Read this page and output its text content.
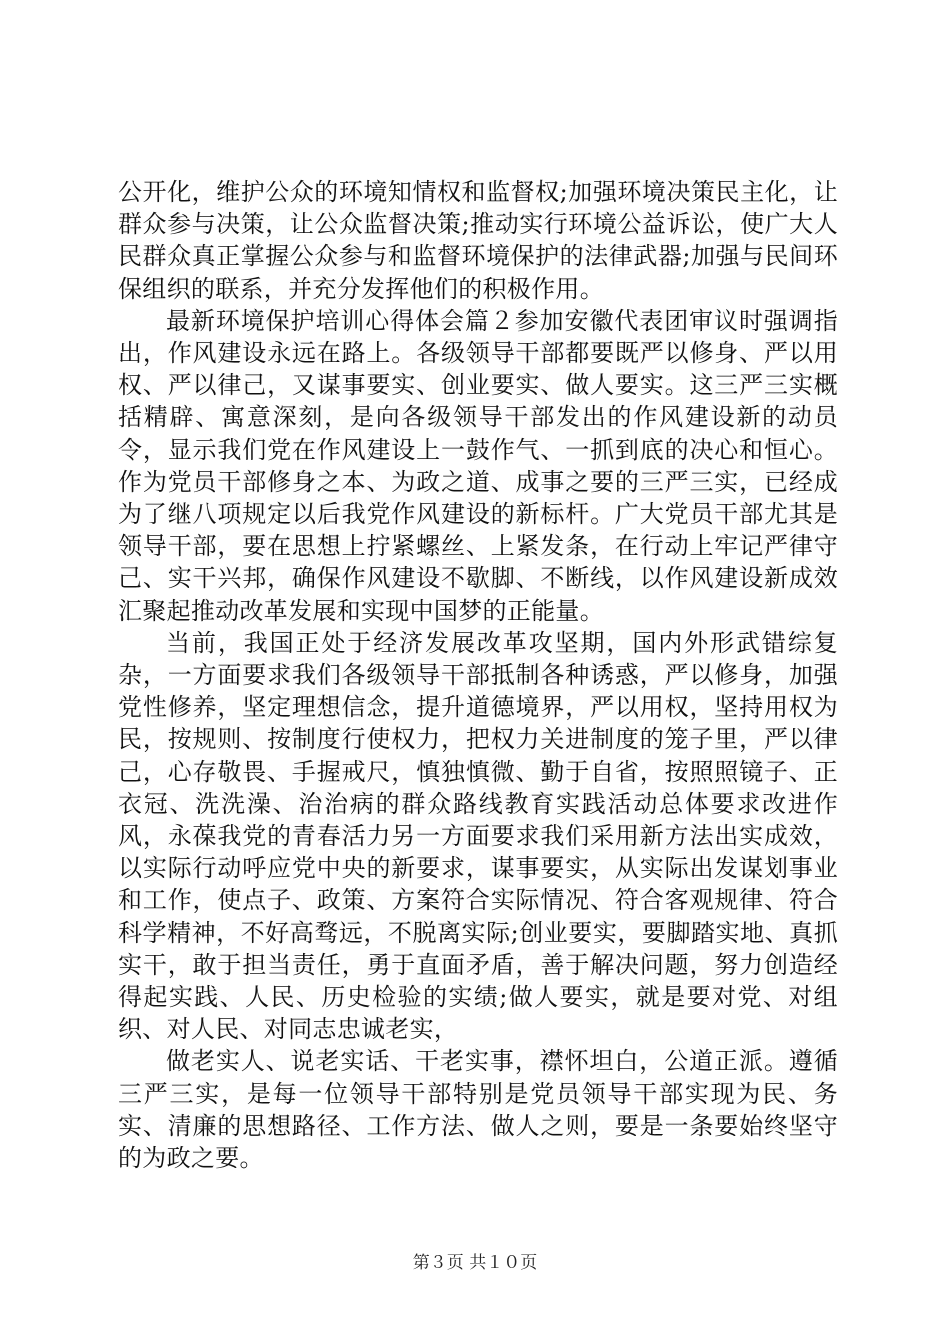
公开化，维护公众的环境知情权和监督权;加强环境决策民主化，让群众参与决策，让公众监督决策;推动实行环境公益诉讼，使广大人民群众真正掌握公众参与和监督环境保护的法律武器;加强与民间环保组织的联系，并充分发挥他们的积极作用。

最新环境保护培训心得体会篇２参加安徽代表团审议时强调指出，作风建设永远在路上。各级领导干部都要既严以修身、严以用权、严以律己，又谋事要实、创业要实、做人要实。这三严三实概括精辟、寓意深刻，是向各级领导干部发出的作风建设新的动员令，显示我们党在作风建设上一鼓作气、一抓到底的决心和恒心。作为党员干部修身之本、为政之道、成事之要的三严三实，已经成为了继八项规定以后我党作风建设的新标杆。广大党员干部尤其是领导干部，要在思想上拧紧螺丝、上紧发条，在行动上牢记严律守己、实干兴邦，确保作风建设不歇脚、不断线，以作风建设新成效汇聚起推动改革发展和实现中国梦的正能量。

当前，我国正处于经济发展改革攻坚期，国内外形武错综复杂，一方面要求我们各级领导干部抵制各种诱惑，严以修身，加强党性修养，坚定理想信念，提升道德境界，严以用权，坚持用权为民，按规则、按制度行使权力，把权力关进制度的笼子里，严以律己，心存敬畏、手握戒尺，慎独慎微、勤于自省，按照照镜子、正衣冠、洗洗澡、治治病的群众路线教育实践活动总体要求改进作风，永葆我党的青春活力另一方面要求我们采用新方法出实成效，以实际行动呼应党中央的新要求，谋事要实，从实际出发谋划事业和工作，使点子、政策、方案符合实际情况、符合客观规律、符合科学精神，不好高骛远，不脱离实际;创业要实，要脚踏实地、真抓实干，敢于担当责任，勇于直面矛盾，善于解决问题，努力创造经得起实践、人民、历史检验的实绩;做人要实，就是要对党、对组织、对人民、对同志忠诚老实，

做老实人、说老实话、干老实事，襟怀坦白，公道正派。遵循三严三实，是每一位领导干部特别是党员领导干部实现为民、务实、清廉的思想路径、工作方法、做人之则，要是一条要始终坚守的为政之要。

第３页 共１０页
